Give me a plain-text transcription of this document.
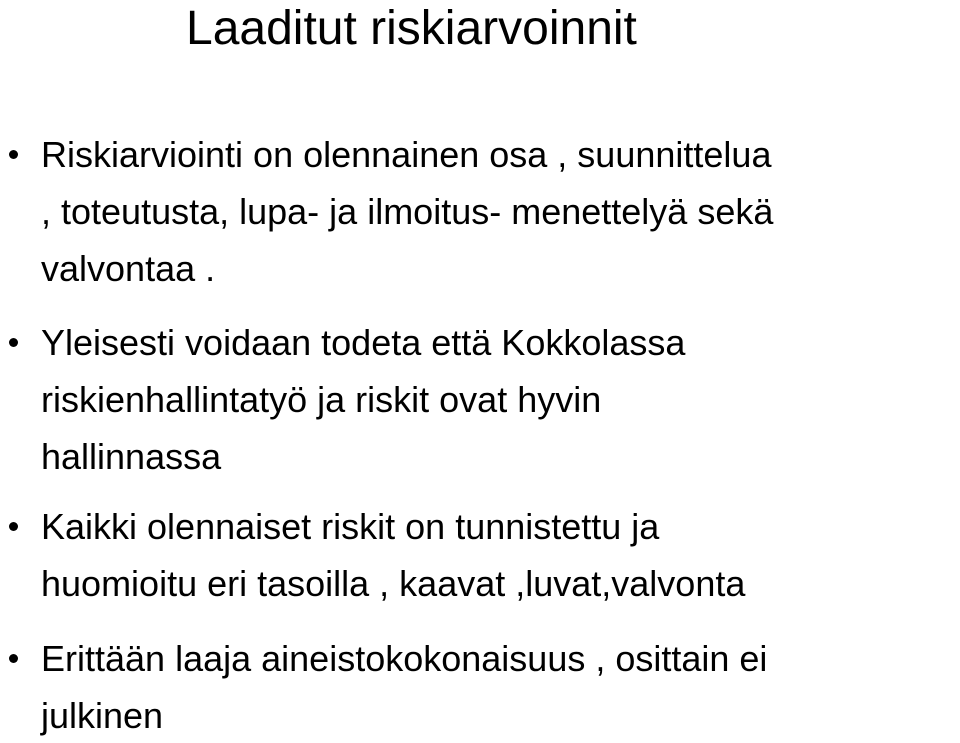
Laaditut riskiarvoinnit
Riskiarviointi on olennainen osa , suunnittelua
, toteutusta, lupa- ja ilmoitus- menettelyä sekä
valvontaa .
Yleisesti voidaan todeta että Kokkolassa
riskienhallintatyö ja riskit ovat hyvin
hallinnassa
Kaikki olennaiset riskit on tunnistettu ja
huomioitu eri tasoilla , kaavat ,luvat,valvonta
Erittään laaja aineistokokonaisuus , osittain ei
julkinen
